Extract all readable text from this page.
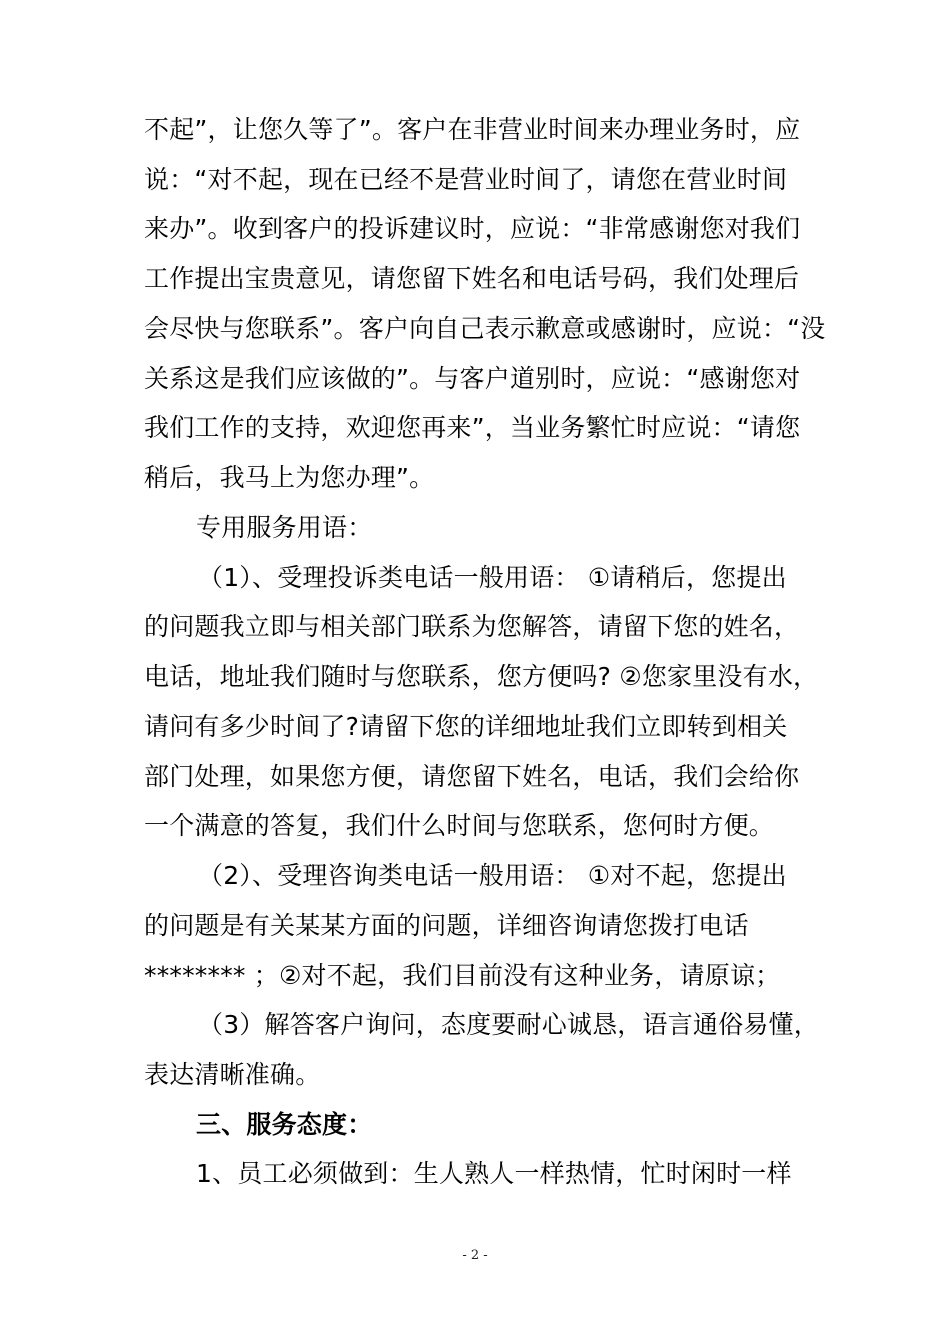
不起”，让您久等了”。客户在非营业时间来办理业务时，应
说：“对不起，现在已经不是营业时间了，请您在营业时间
来办”。收到客户的投诉建议时，应说：“非常感谢您对我们
工作提出宝贵意见，请您留下姓名和电话号码，我们处理后
会尽快与您联系”。客户向自己表示歉意或感谢时，应说：“没
关系这是我们应该做的”。与客户道别时，应说：“感谢您对
我们工作的支持，欢迎您再来”，当业务繁忙时应说：“请您
稍后，我马上为您办理”。
专用服务用语：
（1）、受理投诉类电话一般用语： ①请稍后，您提出
的问题我立即与相关部门联系为您解答，请留下您的姓名，
电话，地址我们随时与您联系，您方便吗? ②您家里没有水，
请问有多少时间了?请留下您的详细地址我们立即转到相关
部门处理，如果您方便，请您留下姓名，电话，我们会给你
一个满意的答复，我们什么时间与您联系，您何时方便。
（2）、受理咨询类电话一般用语： ①对不起，您提出
的问题是有关某某方面的问题，详细咨询请您拨打电话
******** ；②对不起，我们目前没有这种业务，请原谅；
（3）解答客户询问，态度要耐心诚恳，语言通俗易懂，
表达清晰准确。
三、服务态度：
1、员工必须做到：生人熟人一样热情，忙时闲时一样
- 2 -
